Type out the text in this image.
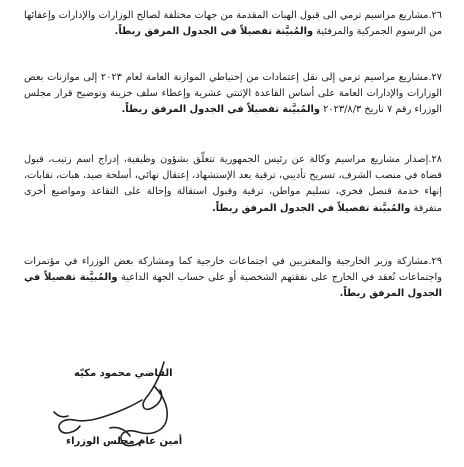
٢٦.مشاريع مراسيم ترمي الى قبول الهبات المقدمة من جهات مختلفة لصالح الوزارات والإدارات وإعفائها من الرسوم الجمركية والمرفئية والمُبيَّنة تفصيلاً في الجدول المرفق ربطاً.

٢٧.مشاريع مراسيم ترمي إلى نقل إعتمادات من إحتياطي الموازنة العامة لعام ٢٠٢٣ إلى موازنات بعض الوزارات والإدارات العامة على أساس القاعدة الإثنتي عشرية وإعطاء سلف خزينة وتوضيح قرار مجلس الوزراء رقم ٧ تاريخ ٢٠٢٣/٨/٣ والمُبيَّنة تفصيلاً في الجدول المرفق ربطاً.

٢٨.إصدار مشاريع مراسيم وكالة عن رئيس الجمهورية تتعلّق بشؤون وظيفية، إدراج اسم رتيب، قبول قضاة في منصب الشرف، تسريح تأديبي، ترقية بعد الإستشهاد، إعتقال نهائي، أسلحة صيد، هبات، نقابات، إنهاء خدمة قنصل فخري، تسليم مواطن، ترقية وقبول استقالة وإحالة على التقاعد ومواضيع أخرى متفرقة والمُبيَّنة تفصيلاً في الجدول المرفق ربطاً.

٢٩.مشاركة وزير الخارجية والمغتربين في اجتماعات خارجية كما ومشاركة بعض الوزراء في مؤتمرات واجتماعات تُعقد في الخارج على نفقتهم الشخصية أو على حساب الجهة الداعية والمُبيَّنة تفصيلاً في الجدول المرفق ربطاً.

القاضي محمود مكيّه
أمين عام مجلس الوزراء
